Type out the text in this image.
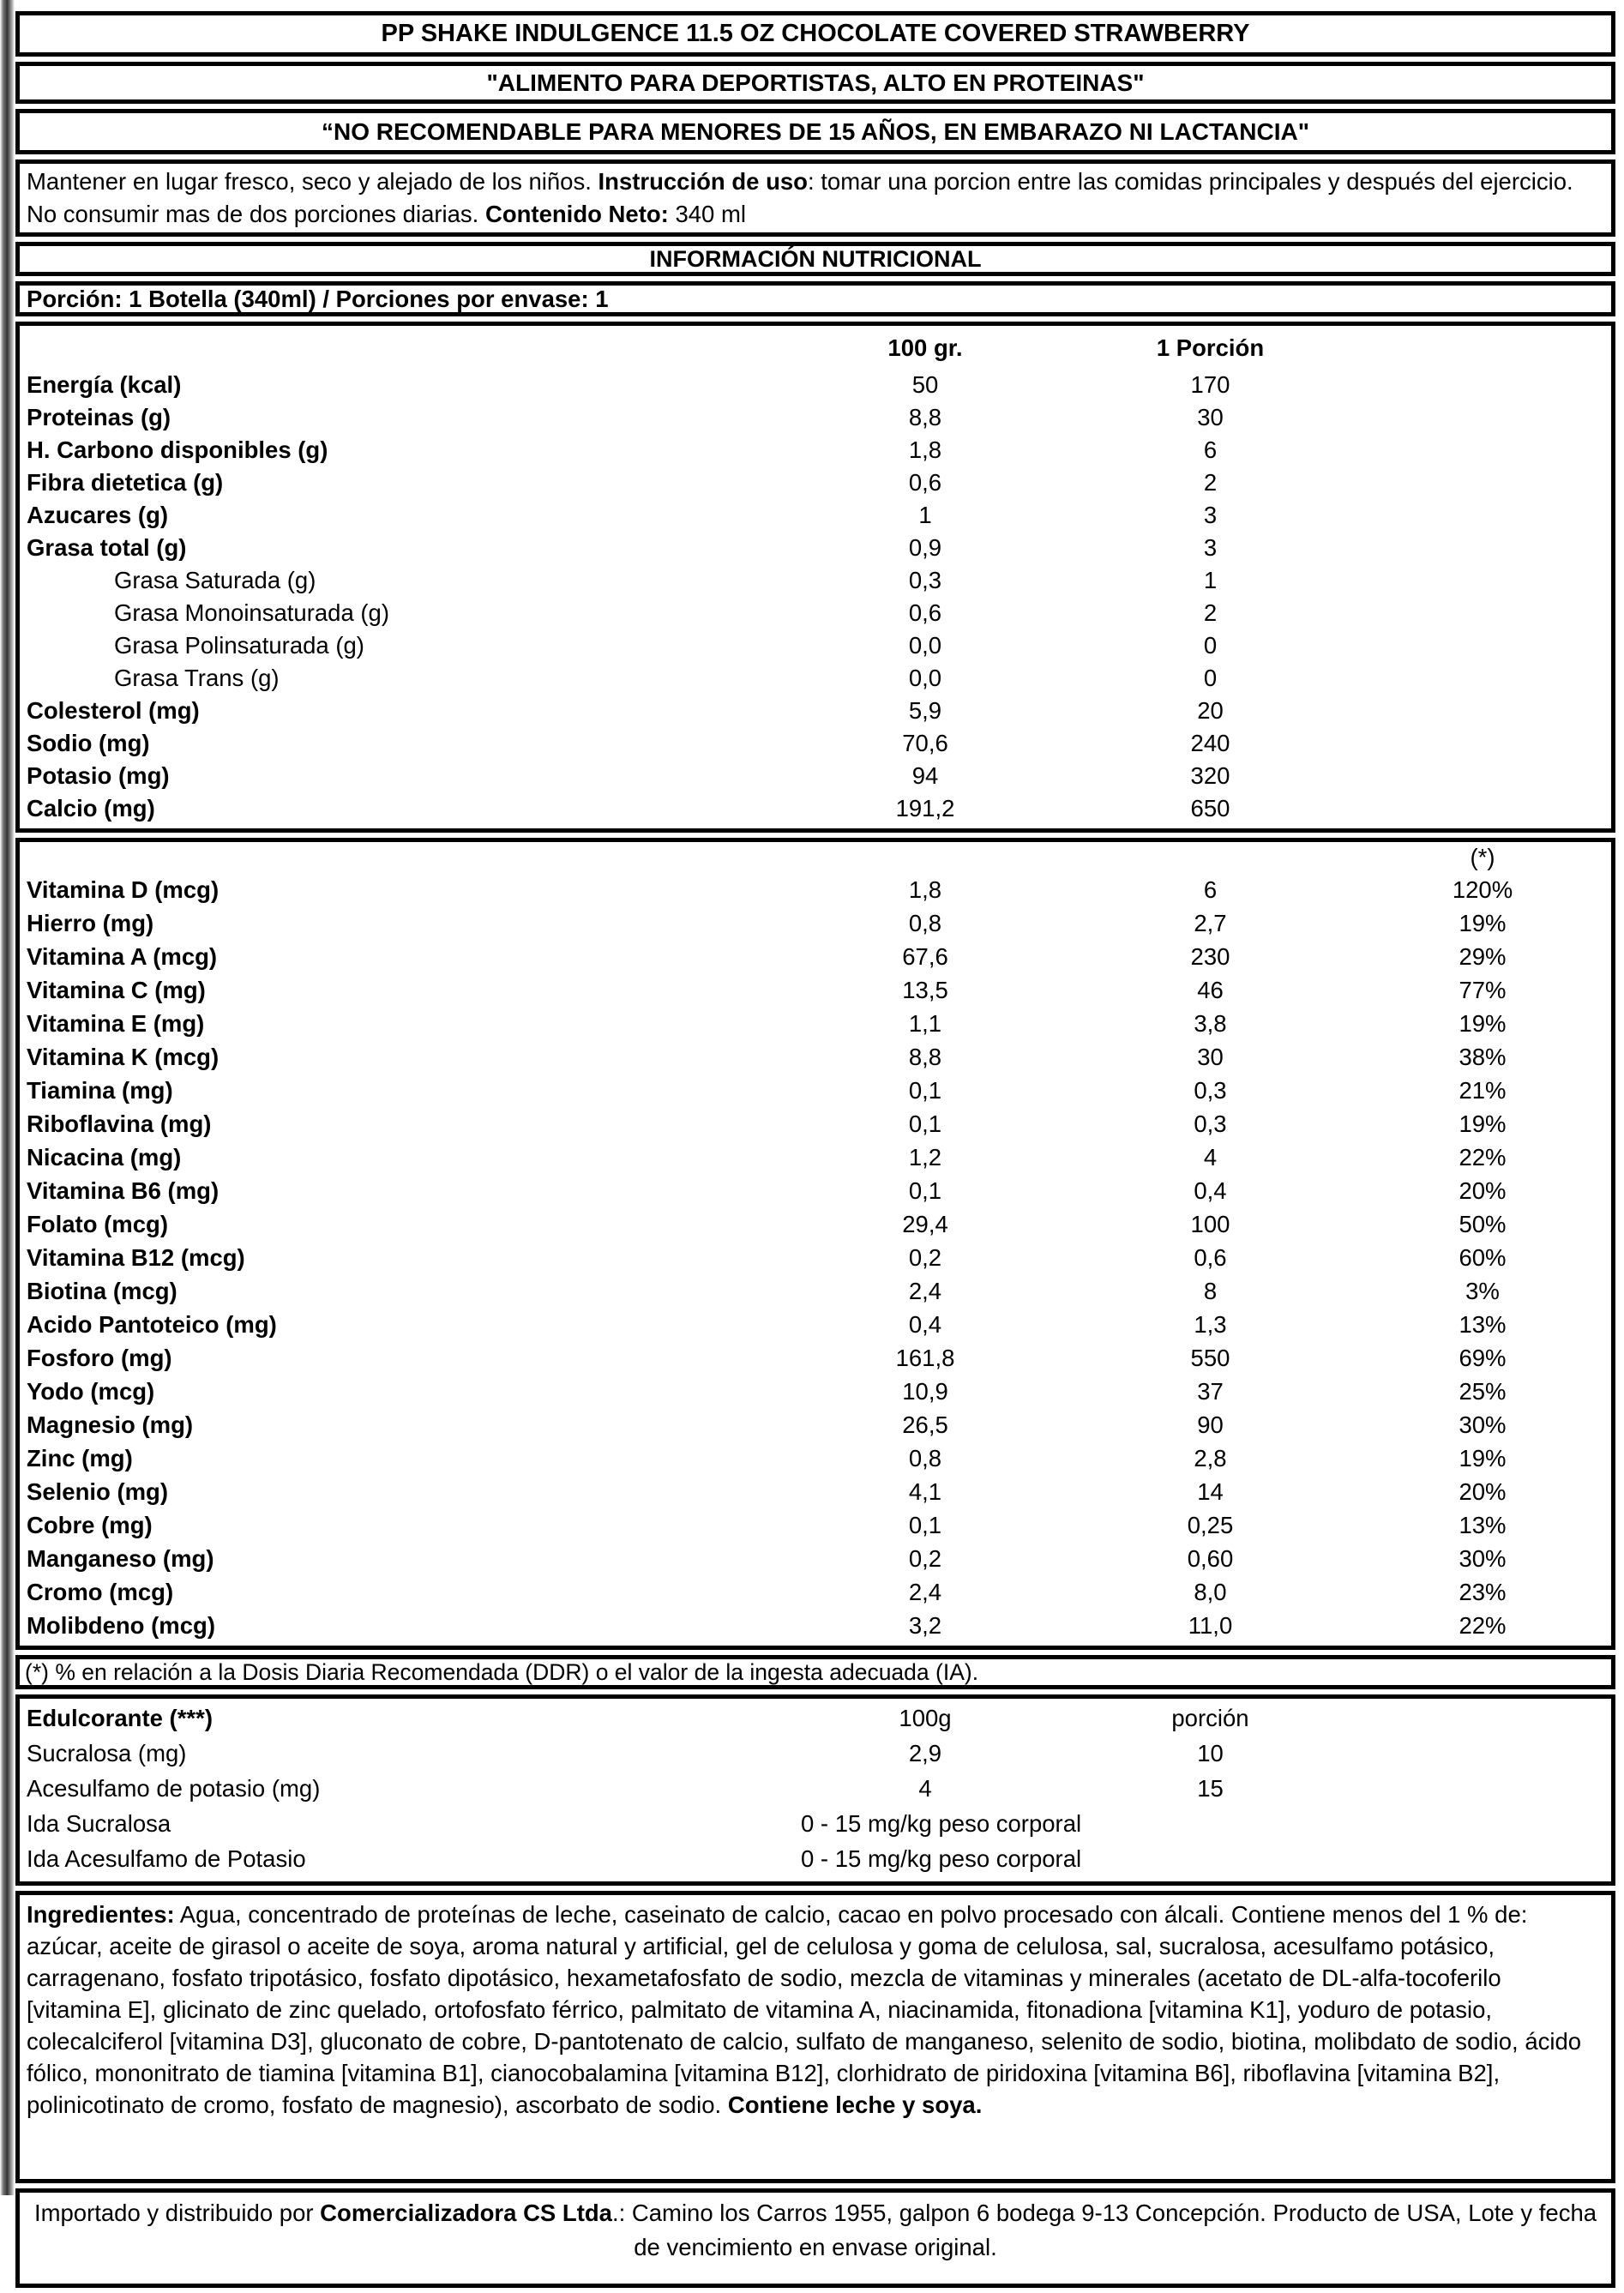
PP SHAKE INDULGENCE 11.5 OZ CHOCOLATE COVERED STRAWBERRY
"ALIMENTO PARA DEPORTISTAS, ALTO EN PROTEINAS"
“NO RECOMENDABLE PARA MENORES DE 15 AÑOS, EN EMBARAZO NI LACTANCIA"
Mantener en lugar fresco, seco y alejado de los niños. Instrucción de uso: tomar una porcion entre las comidas principales y después del ejercicio. No consumir mas de dos porciones diarias. Contenido Neto: 340 ml
INFORMACIÓN NUTRICIONAL
Porción: 1 Botella (340ml) / Porciones por envase: 1
100 gr.	1 Porción
Energía (kcal)	50	170
Proteinas (g)	8,8	30
H. Carbono disponibles (g)	1,8	6
Fibra dietetica (g)	0,6	2
Azucares (g)	1	3
Grasa total (g)	0,9	3
Grasa Saturada (g)	0,3	1
Grasa Monoinsaturada (g)	0,6	2
Grasa Polinsaturada (g)	0,0	0
Grasa Trans (g)	0,0	0
Colesterol (mg)	5,9	20
Sodio (mg)	70,6	240
Potasio (mg)	94	320
Calcio (mg)	191,2	650
(*)
Vitamina D (mcg)	1,8	6	120%
Hierro (mg)	0,8	2,7	19%
Vitamina A (mcg)	67,6	230	29%
Vitamina C (mg)	13,5	46	77%
Vitamina E (mg)	1,1	3,8	19%
Vitamina K (mcg)	8,8	30	38%
Tiamina (mg)	0,1	0,3	21%
Riboflavina (mg)	0,1	0,3	19%
Nicacina (mg)	1,2	4	22%
Vitamina B6 (mg)	0,1	0,4	20%
Folato (mcg)	29,4	100	50%
Vitamina B12 (mcg)	0,2	0,6	60%
Biotina (mcg)	2,4	8	3%
Acido Pantoteico (mg)	0,4	1,3	13%
Fosforo (mg)	161,8	550	69%
Yodo (mcg)	10,9	37	25%
Magnesio (mg)	26,5	90	30%
Zinc (mg)	0,8	2,8	19%
Selenio (mg)	4,1	14	20%
Cobre (mg)	0,1	0,25	13%
Manganeso (mg)	0,2	0,60	30%
Cromo (mcg)	2,4	8,0	23%
Molibdeno (mcg)	3,2	11,0	22%
(*) % en relación a la Dosis Diaria Recomendada (DDR) o el valor de la ingesta adecuada (IA).
Edulcorante (***)	100g	porción
Sucralosa (mg)	2,9	10
Acesulfamo de potasio (mg)	4	15
Ida Sucralosa	0 - 15 mg/kg peso corporal
Ida Acesulfamo de Potasio	0 - 15 mg/kg peso corporal
Ingredientes: Agua, concentrado de proteínas de leche, caseinato de calcio, cacao en polvo procesado con álcali. Contiene menos del 1 % de: azúcar, aceite de girasol o aceite de soya, aroma natural y artificial, gel de celulosa y goma de celulosa, sal, sucralosa, acesulfamo potásico, carragenano, fosfato tripotásico, fosfato dipotásico, hexametafosfato de sodio, mezcla de vitaminas y minerales (acetato de DL-alfa-tocoferilo [vitamina E], glicinato de zinc quelado, ortofosfato férrico, palmitato de vitamina A, niacinamida, fitonadiona [vitamina K1], yoduro de potasio, colecalciferol [vitamina D3], gluconato de cobre, D-pantotenato de calcio, sulfato de manganeso, selenito de sodio, biotina, molibdato de sodio, ácido fólico, mononitrato de tiamina [vitamina B1], cianocobalamina [vitamina B12], clorhidrato de piridoxina [vitamina B6], riboflavina [vitamina B2], polinicotinato de cromo, fosfato de magnesio), ascorbato de sodio. Contiene leche y soya.
Importado y distribuido por Comercializadora CS Ltda.: Camino los Carros 1955, galpon 6 bodega 9-13 Concepción. Producto de USA, Lote y fecha de vencimiento en envase original.
